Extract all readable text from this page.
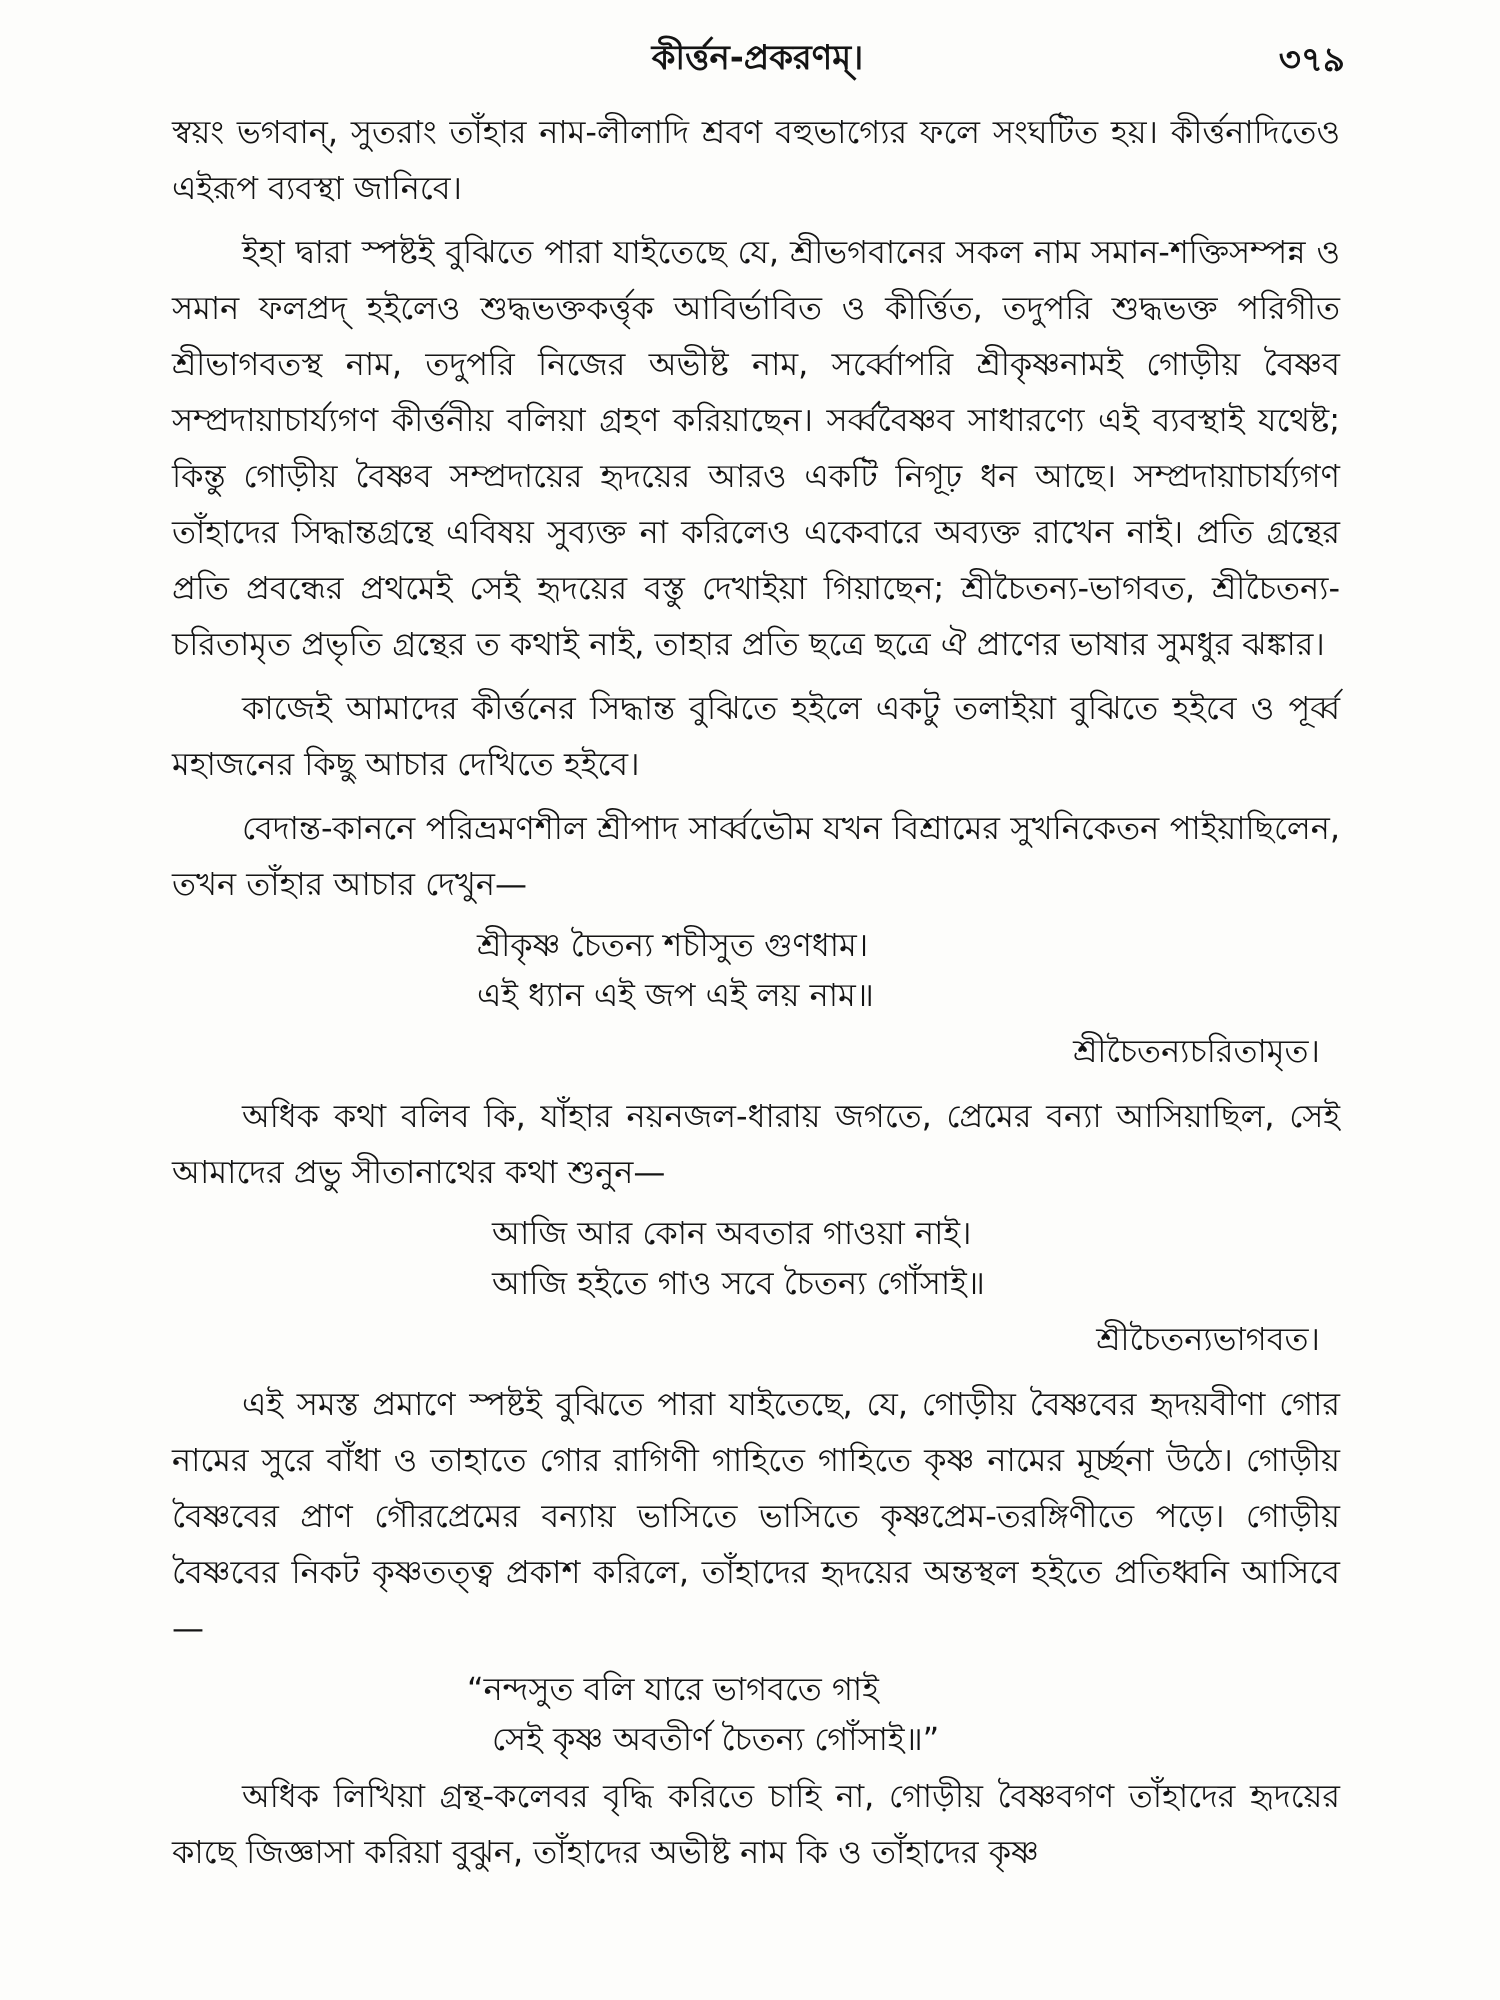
কীর্ত্তন-প্রকরণম্‌।	৩৭৯

স্বয়ং ভগবান্‌, সুতরাং তাঁহার নাম-লীলাদি শ্রবণ বহুভাগ্যের ফলে সংঘটিত হয়। কীর্ত্তনাদিতেও এইরূপ ব্যবস্থা জানিবে।

ইহা দ্বারা স্পষ্টই বুঝিতে পারা যাইতেছে যে, শ্রীভগবানের সকল নাম সমান-শক্তিসম্পন্ন ও সমান ফলপ্রদ্‌ হইলেও শুদ্ধভক্তকর্ত্তৃক আবির্ভাবিত ও কীর্ত্তিত, তদুপরি শুদ্ধভক্ত পরিগীত শ্রীভাগবতস্থ নাম, তদুপরি নিজের অভীষ্ট নাম, সর্ব্বোপরি শ্রীকৃষ্ণনামই গোড়ীয় বৈষ্ণব সম্প্রদায়াচার্য্যগণ কীর্ত্তনীয় বলিয়া গ্রহণ করিয়াছেন। সর্ব্ববৈষ্ণব সাধারণ্যে এই ব্যবস্থাই যথেষ্ট; কিন্তু গোড়ীয় বৈষ্ণব সম্প্রদায়ের হৃদয়ের আরও একটি নিগূঢ় ধন আছে। সম্প্রদায়াচার্য্যগণ তাঁহাদের সিদ্ধান্তগ্রন্থে এবিষয় সুব্যক্ত না করিলেও একেবারে অব্যক্ত রাখেন নাই। প্রতি গ্রন্থের প্রতি প্রবন্ধের প্রথমেই সেই হৃদয়ের বস্তু দেখাইয়া গিয়াছেন; শ্রীচৈতন্য-ভাগবত, শ্রীচৈতন্য-চরিতামৃত প্রভৃতি গ্রন্থের ত কথাই নাই, তাহার প্রতি ছত্রে ছত্রে ঐ প্রাণের ভাষার সুমধুর ঝঙ্কার।

কাজেই আমাদের কীর্ত্তনের সিদ্ধান্ত বুঝিতে হইলে একটু তলাইয়া বুঝিতে হইবে ও পূর্ব্ব মহাজনের কিছু আচার দেখিতে হইবে।

বেদান্ত-কাননে পরিভ্রমণশীল শ্রীপাদ সার্ব্বভৌম যখন বিশ্রামের সুখনিকেতন পাইয়াছিলেন, তখন তাঁহার আচার দেখুন—

শ্রীকৃষ্ণ চৈতন্য শচীসুত গুণধাম।
এই ধ্যান এই জপ এই লয় নাম॥
শ্রীচৈতন্যচরিতামৃত।

অধিক কথা বলিব কি, যাঁহার নয়নজল-ধারায় জগতে, প্রেমের বন্যা আসিয়াছিল, সেই আমাদের প্রভু সীতানাথের কথা শুনুন—

আজি আর কোন অবতার গাওয়া নাই।
আজি হইতে গাও সবে চৈতন্য গোঁসাই॥
শ্রীচৈতন্যভাগবত।

এই সমস্ত প্রমাণে স্পষ্টই বুঝিতে পারা যাইতেছে, যে, গোড়ীয় বৈষ্ণবের হৃদয়বীণা গোর নামের সুরে বাঁধা ও তাহাতে গোর রাগিণী গাহিতে গাহিতে কৃষ্ণ নামের মূর্চ্ছনা উঠে। গোড়ীয় বৈষ্ণবের প্রাণ গৌরপ্রেমের বন্যায় ভাসিতে ভাসিতে কৃষ্ণপ্রেম-তরঙ্গিণীতে পড়ে। গোড়ীয় বৈষ্ণবের নিকট কৃষ্ণতত্ত্ব প্রকাশ করিলে, তাঁহাদের হৃদয়ের অন্তস্থল হইতে প্রতিধ্বনি আসিবে—

“নন্দসুত বলি যারে ভাগবতে গাই
সেই কৃষ্ণ অবতীর্ণ চৈতন্য গোঁসাই॥”

অধিক লিখিয়া গ্রন্থ-কলেবর বৃদ্ধি করিতে চাহি না, গোড়ীয় বৈষ্ণবগণ তাঁহাদের হৃদয়ের কাছে জিজ্ঞাসা করিয়া বুঝুন, তাঁহাদের অভীষ্ট নাম কি ও তাঁহাদের কৃষ্ণ
